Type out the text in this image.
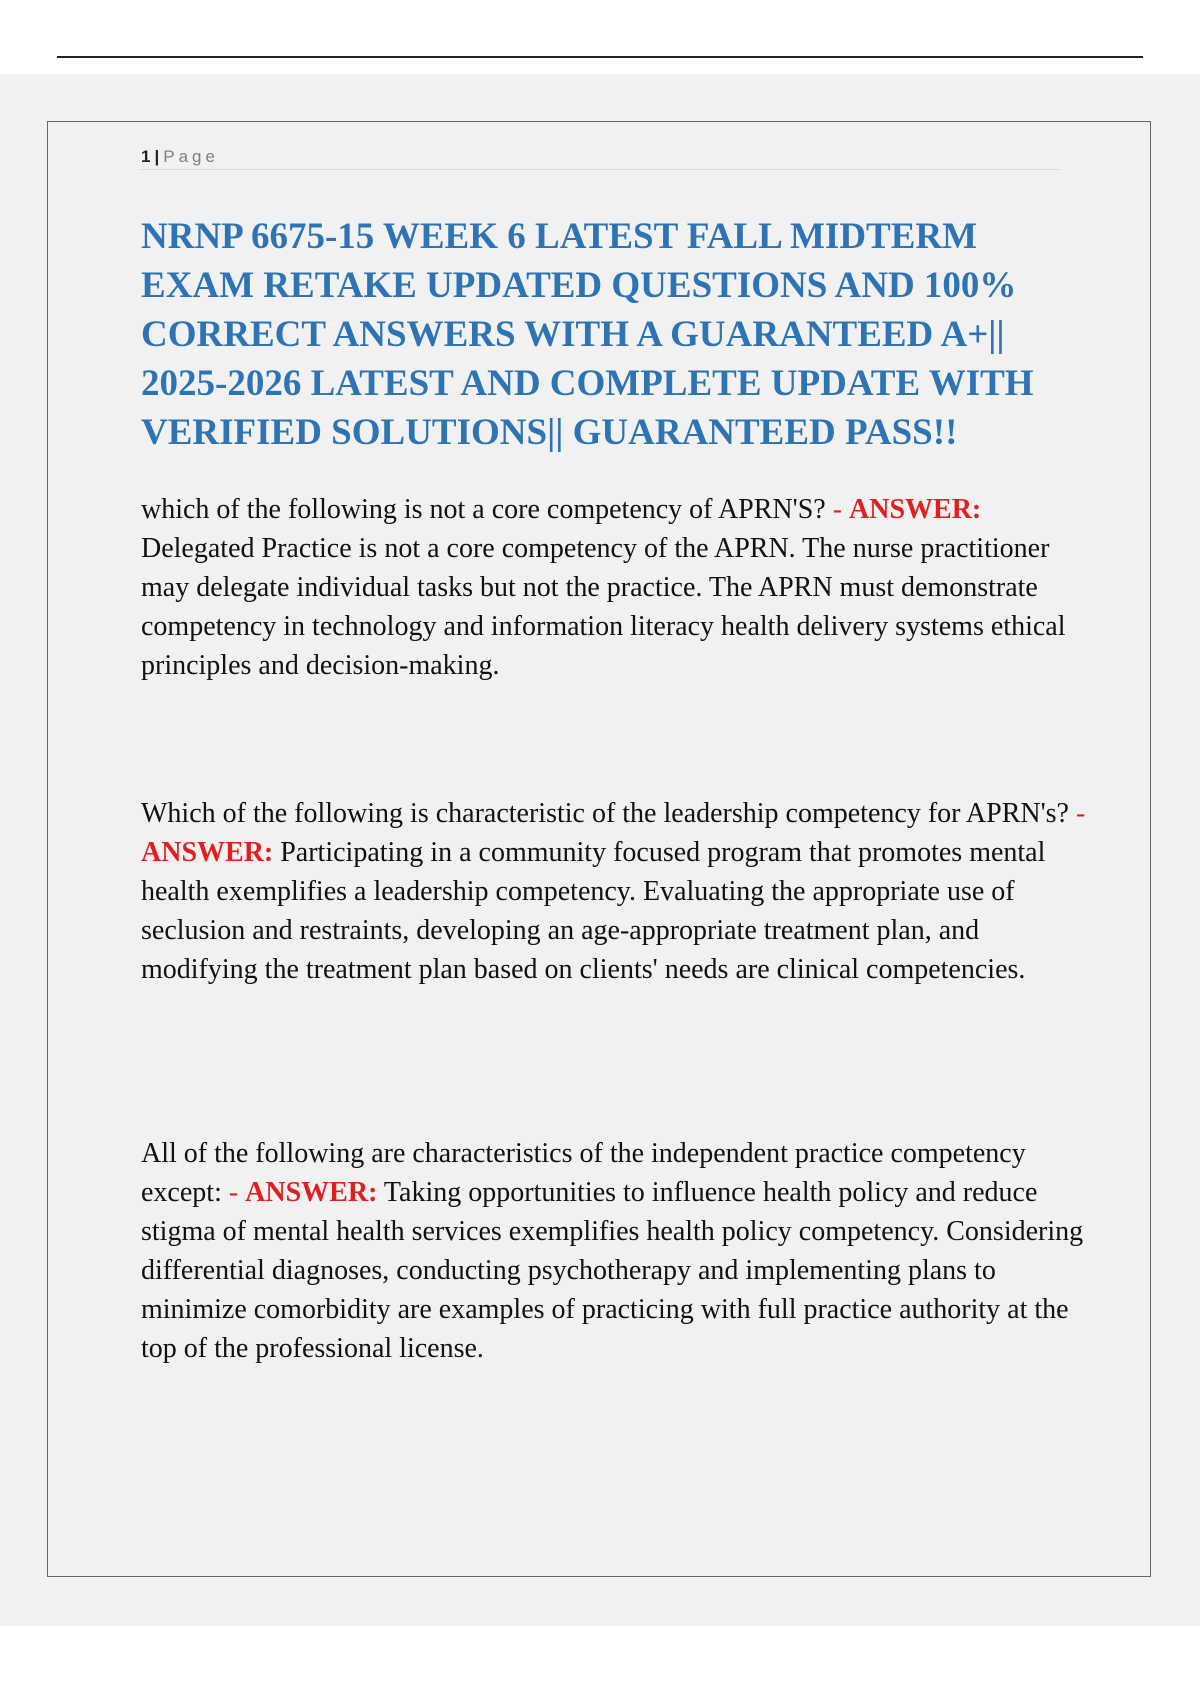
1 | Page
NRNP 6675-15 WEEK 6 LATEST FALL MIDTERM EXAM RETAKE UPDATED QUESTIONS AND 100% CORRECT ANSWERS WITH A GUARANTEED A+|| 2025-2026 LATEST AND COMPLETE UPDATE WITH VERIFIED SOLUTIONS|| GUARANTEED PASS!!

which of the following is not a core competency of APRN'S? - ANSWER: Delegated Practice is not a core competency of the APRN. The nurse practitioner may delegate individual tasks but not the practice. The APRN must demonstrate competency in technology and information literacy health delivery systems ethical principles and decision-making.

Which of the following is characteristic of the leadership competency for APRN's? - ANSWER: Participating in a community focused program that promotes mental health exemplifies a leadership competency. Evaluating the appropriate use of seclusion and restraints, developing an age-appropriate treatment plan, and modifying the treatment plan based on clients' needs are clinical competencies.

All of the following are characteristics of the independent practice competency except: - ANSWER: Taking opportunities to influence health policy and reduce stigma of mental health services exemplifies health policy competency. Considering differential diagnoses, conducting psychotherapy and implementing plans to minimize comorbidity are examples of practicing with full practice authority at the top of the professional license.
